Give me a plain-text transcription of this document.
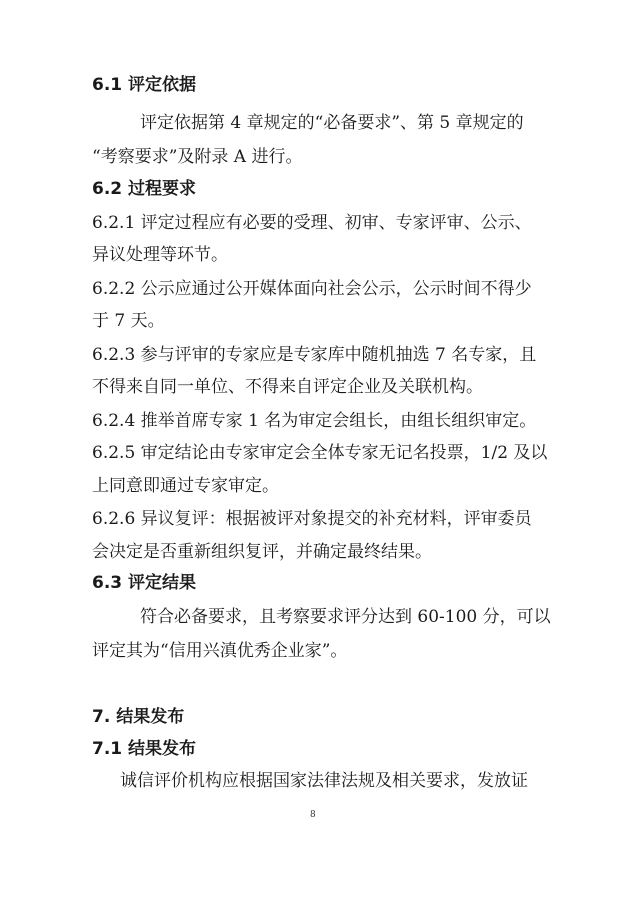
6.1 评定依据
评定依据第 4 章规定的“必备要求”、第 5 章规定的
“考察要求”及附录 A 进行。
6.2 过程要求
6.2.1 评定过程应有必要的受理、初审、专家评审、公示、
异议处理等环节。
6.2.2 公示应通过公开媒体面向社会公示，公示时间不得少
于 7 天。
6.2.3 参与评审的专家应是专家库中随机抽选 7 名专家，且
不得来自同一单位、不得来自评定企业及关联机构。
6.2.4 推举首席专家 1 名为审定会组长，由组长组织审定。
6.2.5 审定结论由专家审定会全体专家无记名投票，1/2 及以
上同意即通过专家审定。
6.2.6 异议复评：根据被评对象提交的补充材料，评审委员
会决定是否重新组织复评，并确定最终结果。
6.3 评定结果
符合必备要求，且考察要求评分达到 60-100 分，可以
评定其为“信用兴滇优秀企业家”。
7. 结果发布
7.1 结果发布
诚信评价机构应根据国家法律法规及相关要求，发放证
8
